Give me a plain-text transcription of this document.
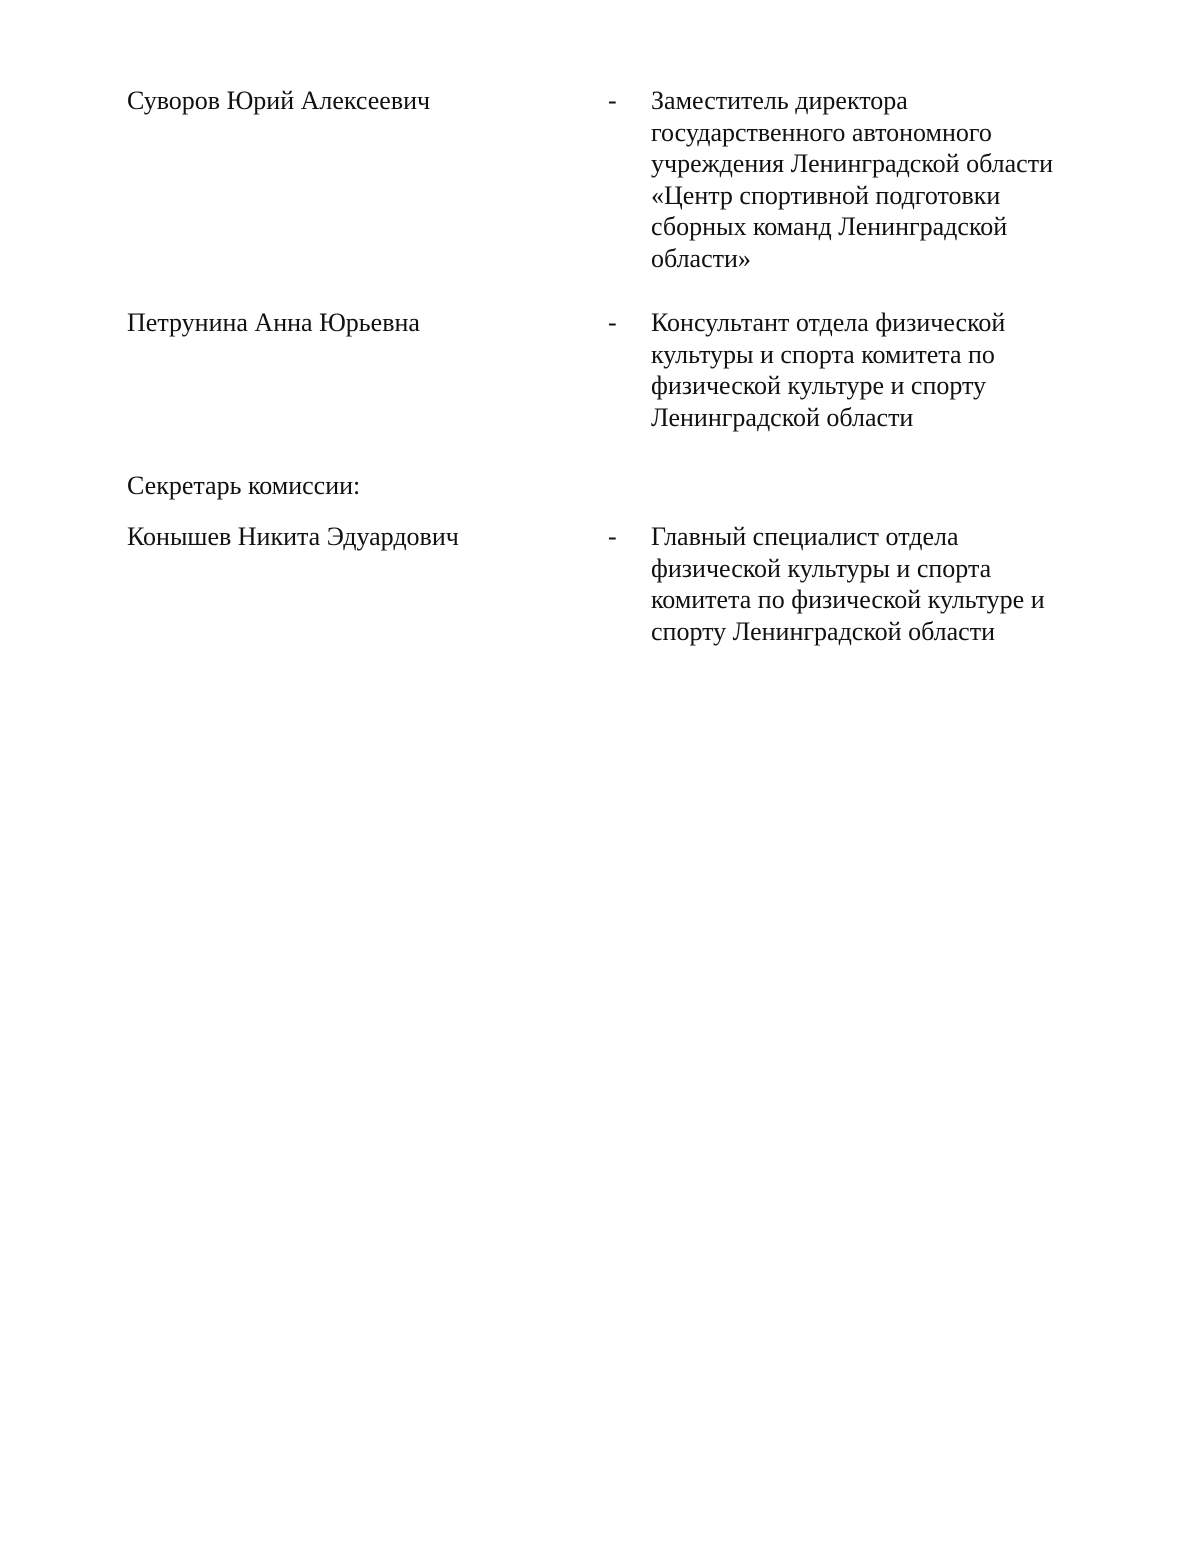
Суворов Юрий Алексеевич	-	Заместитель директора
государственного автономного
учреждения Ленинградской области
«Центр спортивной подготовки
сборных команд Ленинградской
области»
Петрунина Анна Юрьевна	-	Консультант отдела физической
культуры и спорта комитета по
физической культуре и спорту
Ленинградской области
Секретарь комиссии:
Конышев Никита Эдуардович	-	Главный специалист отдела
физической культуры и спорта
комитета по физической культуре и
спорту Ленинградской области
